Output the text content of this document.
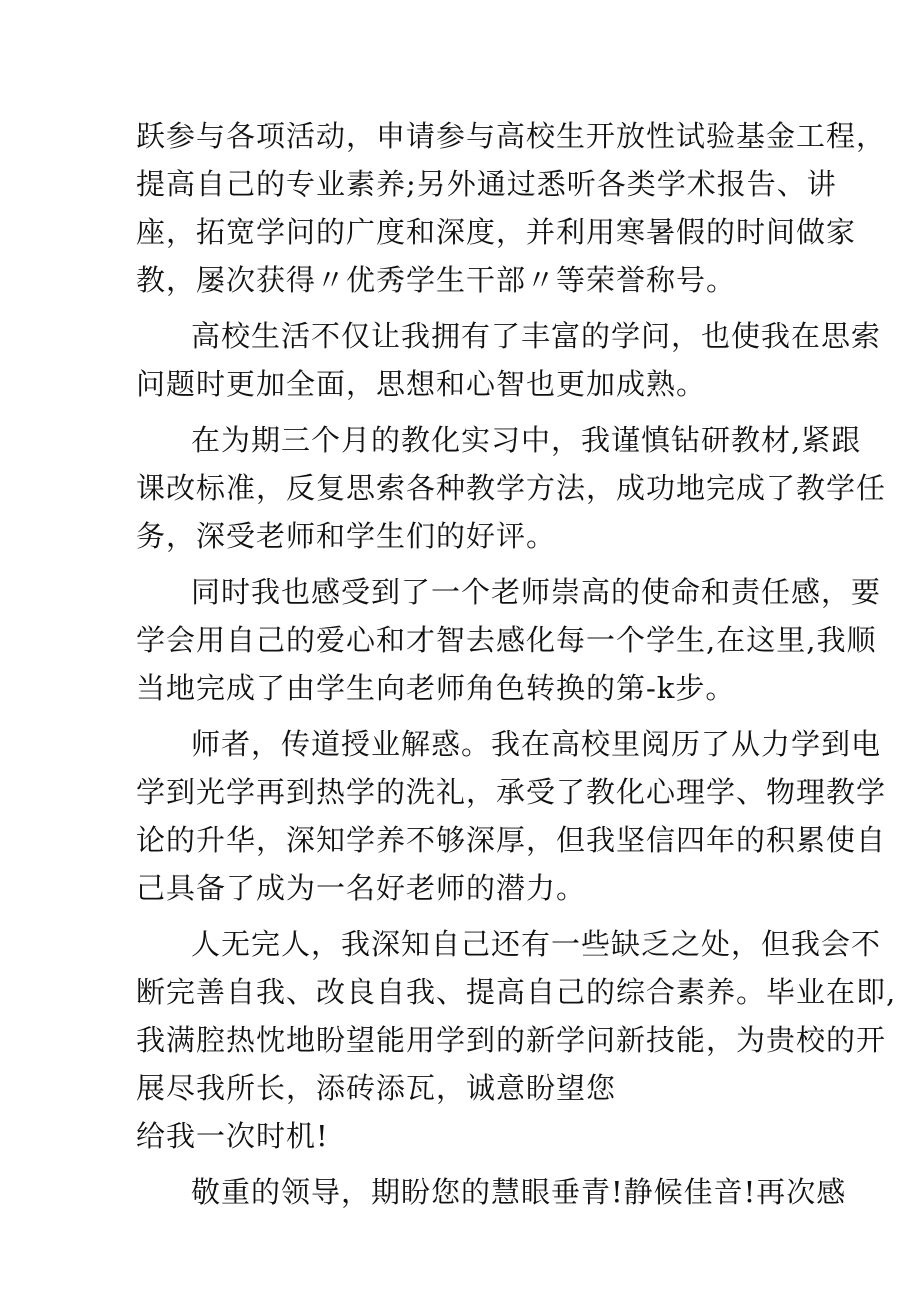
跃参与各项活动，申请参与高校生开放性试验基金工程，
提高自己的专业素养;另外通过悉听各类学术报告、讲
座，拓宽学问的广度和深度，并利用寒暑假的时间做家
教，屡次获得〃优秀学生干部〃等荣誉称号。
高校生活不仅让我拥有了丰富的学问，也使我在思索
问题时更加全面，思想和心智也更加成熟。
在为期三个月的教化实习中，我谨慎钻研教材,紧跟
课改标准，反复思索各种教学方法，成功地完成了教学任
务，深受老师和学生们的好评。
同时我也感受到了一个老师崇高的使命和责任感，要
学会用自己的爱心和才智去感化每一个学生,在这里,我顺
当地完成了由学生向老师角色转换的第-k步。
师者，传道授业解惑。我在高校里阅历了从力学到电
学到光学再到热学的洗礼，承受了教化心理学、物理教学
论的升华，深知学养不够深厚，但我坚信四年的积累使自
己具备了成为一名好老师的潜力。
人无完人，我深知自己还有一些缺乏之处，但我会不
断完善自我、改良自我、提高自己的综合素养。毕业在即,
我满腔热忱地盼望能用学到的新学问新技能，为贵校的开
展尽我所长，添砖添瓦，诚意盼望您
给我一次时机!
敬重的领导，期盼您的慧眼垂青!静候佳音!再次感
